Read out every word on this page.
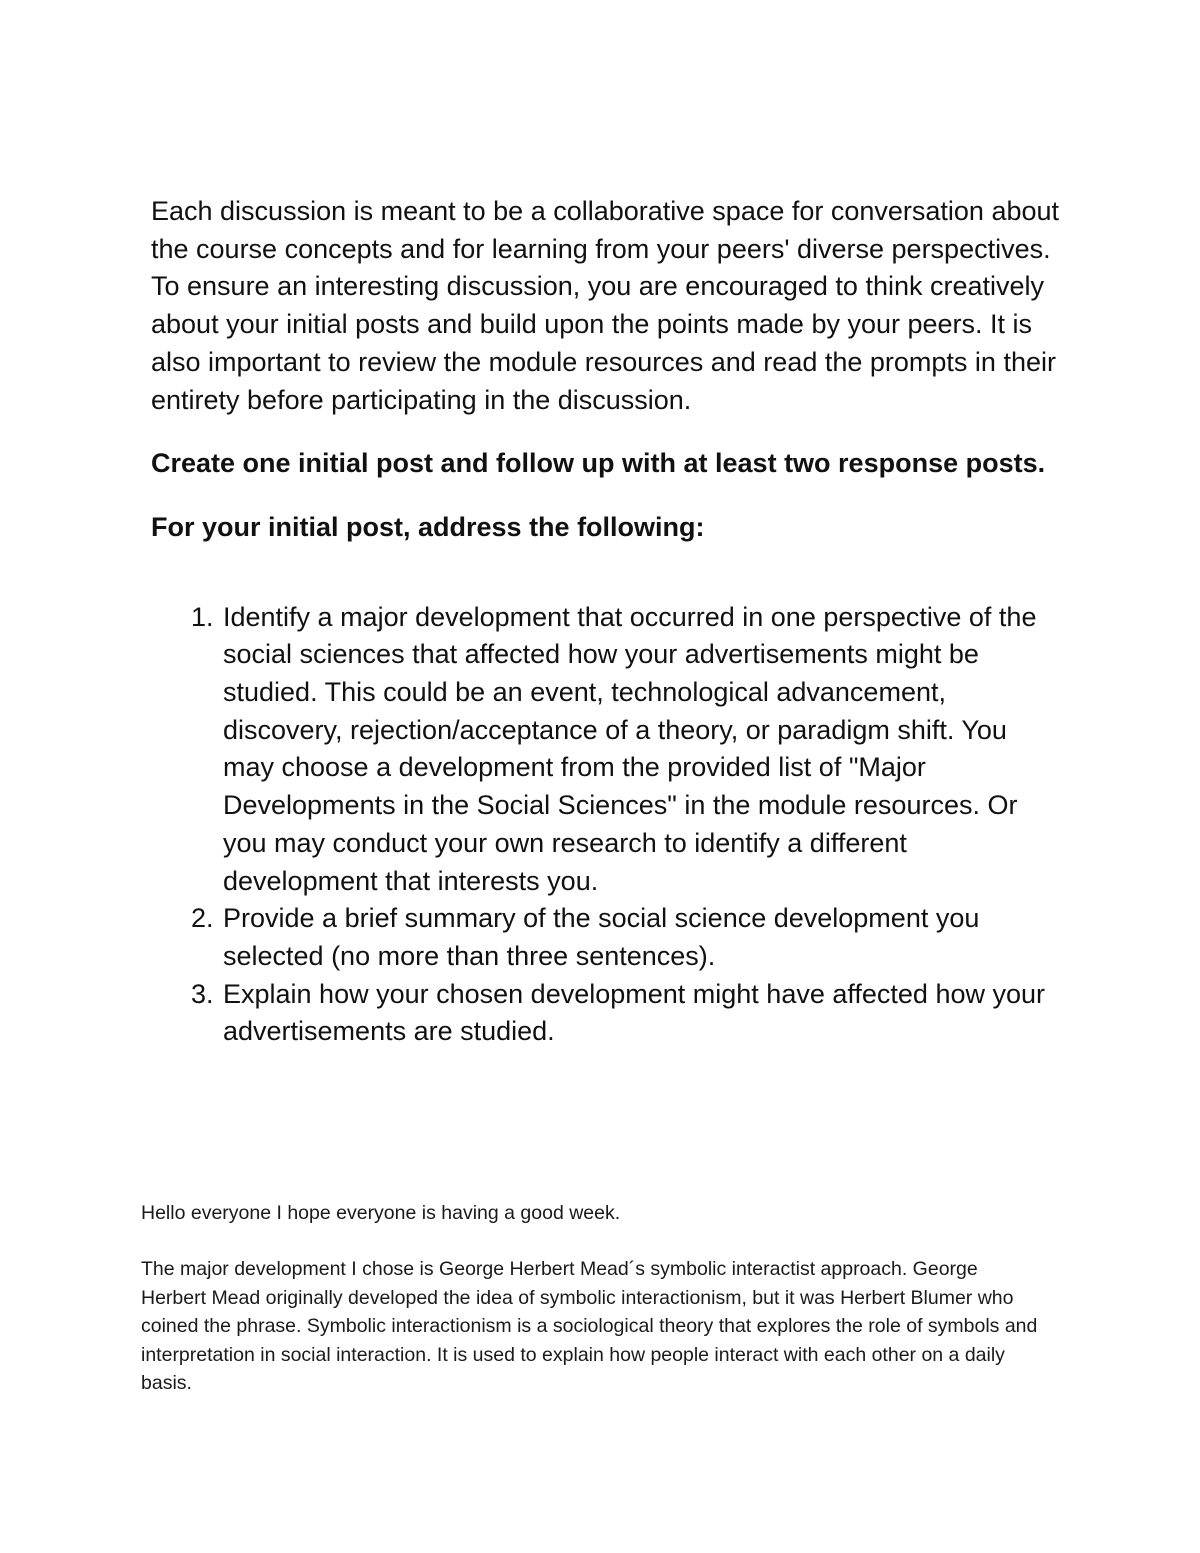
Each discussion is meant to be a collaborative space for conversation about the course concepts and for learning from your peers' diverse perspectives. To ensure an interesting discussion, you are encouraged to think creatively about your initial posts and build upon the points made by your peers. It is also important to review the module resources and read the prompts in their entirety before participating in the discussion.

Create one initial post and follow up with at least two response posts.

For your initial post, address the following:

1. Identify a major development that occurred in one perspective of the social sciences that affected how your advertisements might be studied. This could be an event, technological advancement, discovery, rejection/acceptance of a theory, or paradigm shift. You may choose a development from the provided list of "Major Developments in the Social Sciences" in the module resources. Or you may conduct your own research to identify a different development that interests you.
2. Provide a brief summary of the social science development you selected (no more than three sentences).
3. Explain how your chosen development might have affected how your advertisements are studied.

Hello everyone I hope everyone is having a good week.

The major development I chose is George Herbert Mead´s symbolic interactist approach. George Herbert Mead originally developed the idea of symbolic interactionism, but it was Herbert Blumer who coined the phrase. Symbolic interactionism is a sociological theory that explores the role of symbols and interpretation in social interaction. It is used to explain how people interact with each other on a daily basis.
